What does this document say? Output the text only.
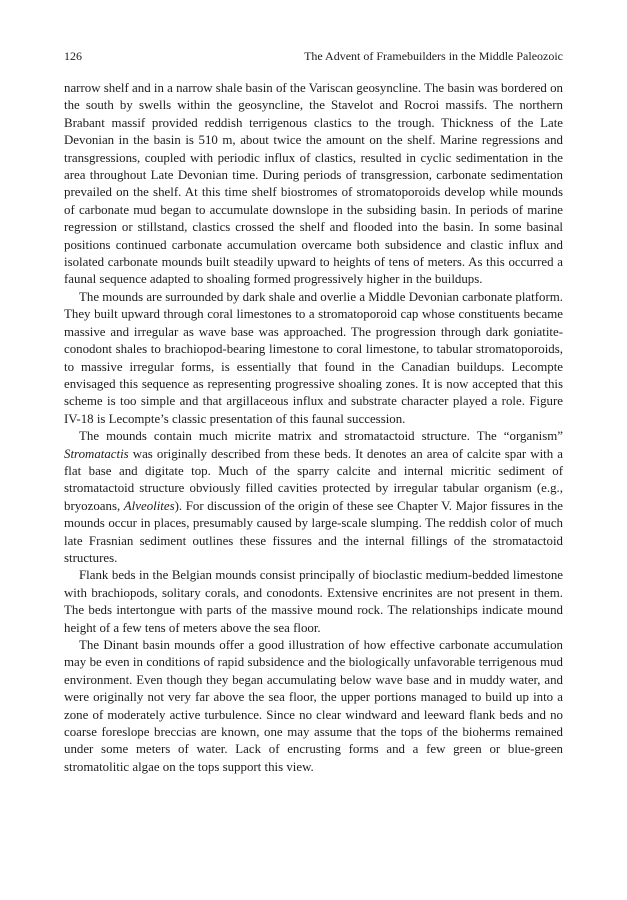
126	The Advent of Framebuilders in the Middle Paleozoic

narrow shelf and in a narrow shale basin of the Variscan geosyncline. The basin was bordered on the south by swells within the geosyncline, the Stavelot and Rocroi massifs. The northern Brabant massif provided reddish terrigenous clastics to the trough. Thickness of the Late Devonian in the basin is 510 m, about twice the amount on the shelf. Marine regressions and transgressions, coupled with periodic influx of clastics, resulted in cyclic sedimentation in the area throughout Late Devonian time. During periods of transgression, carbonate sedimentation prevailed on the shelf. At this time shelf biostromes of stromatoporoids develop while mounds of carbonate mud began to accumulate downslope in the subsiding basin. In periods of marine regression or stillstand, clastics crossed the shelf and flooded into the basin. In some basinal positions continued carbonate accumulation overcame both subsidence and clastic influx and isolated carbonate mounds built steadily upward to heights of tens of meters. As this occurred a faunal sequence adapted to shoaling formed progressively higher in the buildups.

The mounds are surrounded by dark shale and overlie a Middle Devonian carbonate platform. They built upward through coral limestones to a stromatoporoid cap whose constituents became massive and irregular as wave base was approached. The progression through dark goniatite-conodont shales to brachiopod-bearing limestone to coral limestone, to tabular stromatoporoids, to massive irregular forms, is essentially that found in the Canadian buildups. Lecompte envisaged this sequence as representing progressive shoaling zones. It is now accepted that this scheme is too simple and that argillaceous influx and substrate character played a role. Figure IV-18 is Lecompte’s classic presentation of this faunal succession.

The mounds contain much micrite matrix and stromatactoid structure. The “organism” Stromatactis was originally described from these beds. It denotes an area of calcite spar with a flat base and digitate top. Much of the sparry calcite and internal micritic sediment of stromatactoid structure obviously filled cavities protected by irregular tabular organism (e.g., bryozoans, Alveolites). For discussion of the origin of these see Chapter V. Major fissures in the mounds occur in places, presumably caused by large-scale slumping. The reddish color of much late Frasnian sediment outlines these fissures and the internal fillings of the stromatactoid structures.

Flank beds in the Belgian mounds consist principally of bioclastic medium-bedded limestone with brachiopods, solitary corals, and conodonts. Extensive encrinites are not present in them. The beds intertongue with parts of the massive mound rock. The relationships indicate mound height of a few tens of meters above the sea floor.

The Dinant basin mounds offer a good illustration of how effective carbonate accumulation may be even in conditions of rapid subsidence and the biologically unfavorable terrigenous mud environment. Even though they began accumulating below wave base and in muddy water, and were originally not very far above the sea floor, the upper portions managed to build up into a zone of moderately active turbulence. Since no clear windward and leeward flank beds and no coarse foreslope breccias are known, one may assume that the tops of the bioherms remained under some meters of water. Lack of encrusting forms and a few green or blue-green stromatolitic algae on the tops support this view.
